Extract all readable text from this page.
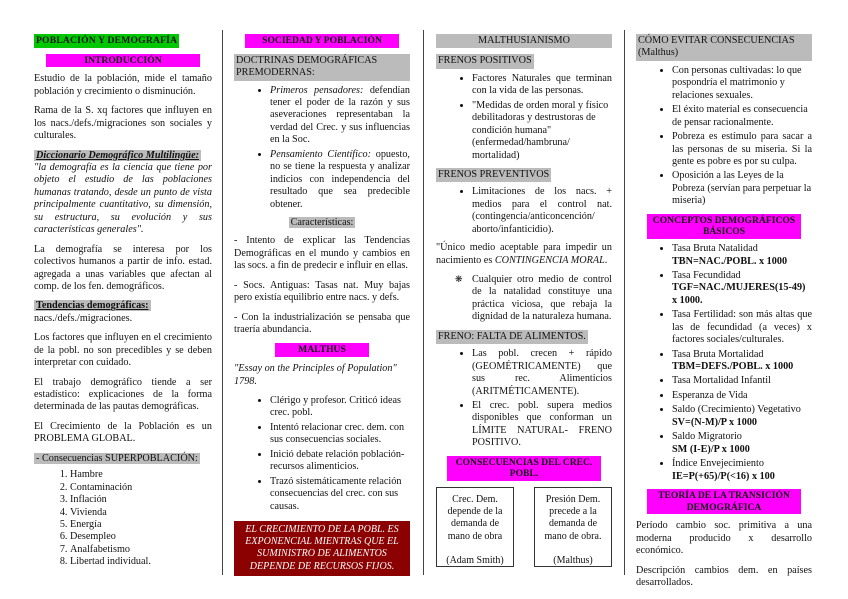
POBLACIÓN Y DEMOGRAFÍA
INTRODUCCIÓN

Estudio de la población, mide el tamaño población y crecimiento o disminución.

Rama de la S. xq factores que influyen en los nacs./defs./migraciones son sociales y culturales.

Diccionario Demográfico Multilingüe:

"la demografía es la ciencia que tiene por objeto el estudio de las poblaciones humanas tratando, desde un punto de vista principalmente cuantitativo, su dimensión, su estructura, su evolución y sus características generales".

La demografía se interesa por los colectivos humanos a partir de info. estad. agregada a unas variables que afectan al comp. de los fen. demográficos.

Tendencias demográficas:

nacs./defs./migraciones.

Los factores que influyen en el crecimiento de la pobl. no son precedibles y se deben interpretar con cuidado.

El trabajo demográfico tiende a ser estadístico: explicaciones de la forma determinada de las pautas demográficas.

El Crecimiento de la Población es un PROBLEMA GLOBAL.

- Consecuencias SUPERPOBLACIÓN:
1. Hambre
2. Contaminación
3. Inflación
4. Vivienda
5. Energía
6. Desempleo
7. Analfabetismo
8. Libertad individual.
SOCIEDAD Y POBLACIÓN
DOCTRINAS DEMOGRÁFICAS PREMODERNAS:
• Primeros pensadores: defendían tener el poder de la razón y sus aseveraciones representaban la verdad del Crec. y sus influencias en la Soc.
• Pensamiento Científico: opuesto, no se tiene la respuesta y analizar indicios con independencia del resultado que sea predecible obtener.
Características:

- Intento de explicar las Tendencias Demográficas en el mundo y cambios en las socs. a fin de predecir e influir en ellas.

- Socs. Antiguas: Tasas nat. Muy bajas pero existía equilibrio entre nacs. y defs.

- Con la industrialización se pensaba que traería abundancia.

MALTHUS

"Essay on the Principles of Population" 1798.

• Clérigo y profesor. Criticó ideas crec. pobl.
• Intentó relacionar crec. dem. con sus consecuencias sociales.
• Inició debate relación población-recursos alimenticios.
• Trazó sistemáticamente relación consecuencias del crec. con sus causas.
EL CRECIMIENTO DE LA POBL. ES EXPONENCIAL MIENTRAS QUE EL SUMINISTRO DE ALIMENTOS DEPENDE DE RECURSOS FIJOS.
MALTHUSIANISMO
FRENOS POSITIVOS
• Factores Naturales que terminan con la vida de las personas.
• "Medidas de orden moral y físico debilitadoras y destrustoras de condición humana" (enfermedad/hambruna/ mortalidad)
FRENOS PREVENTIVOS
• Limitaciones de los nacs. + medios para el control nat. (contingencia/anticoncención/ aborto/infanticidio).

"Único medio aceptable para impedir un nacimiento es CONTINGENCIA MORAL.

❋ Cualquier otro medio de control de la natalidad constituye una práctica viciosa, que rebaja la dignidad de la naturaleza humana.
FRENO: FALTA DE ALIMENTOS.
• Las pobl. crecen + rápido (GEOMÉTRICAMENTE) que sus rec. Alimenticios (ARITMÉTICAMENTE).
• El crec. pobl. supera medios disponibles que conforman un LÍMITE NATURAL- FRENO POSITIVO.
CONSECUENCIAS DEL CREC. POBL.
Crec. Dem. depende de la demanda de mano de obra
(Adam Smith)
Presión Dem. precede a la demanda de mano de obra.
(Malthus)
CÓMO EVITAR CONSECUENCIAS (Malthus)
• Con personas cultivadas: lo que pospondría el matrimonio y relaciones sexuales.
• El éxito material es consecuencia de pensar racionalmente.
• Pobreza es estímulo para sacar a las personas de su miseria. Si la gente es pobre es por su culpa.
• Oposición a las Leyes de la Pobreza (servían para perpetuar la miseria)
CONCEPTOS DEMOGRÁFICOS BÁSICOS
• Tasa Bruta Natalidad
TBN=NAC./POBL. x 1000
• Tasa Fecundidad
TGF=NAC./MUJERES(15-49) x 1000.
• Tasa Fertilidad: son más altas que las de fecundidad (a veces) x factores sociales/culturales.
• Tasa Bruta Mortalidad
TBM=DEFS./POBL. x 1000
• Tasa Mortalidad Infantil
• Esperanza de Vida
• Saldo (Crecimiento) Vegetativo
SV=(N-M)/P x 1000
• Saldo Migratorio
SM (I-E)/P x 1000
• Índice Envejecimiento
IE=P(+65)/P(<16) x 100
TEORÍA DE LA TRANSICIÓN DEMOGRÁFICA

Período cambio soc. primitiva a una moderna producido x desarrollo económico.

Descripción cambios dem. en países desarrollados.
